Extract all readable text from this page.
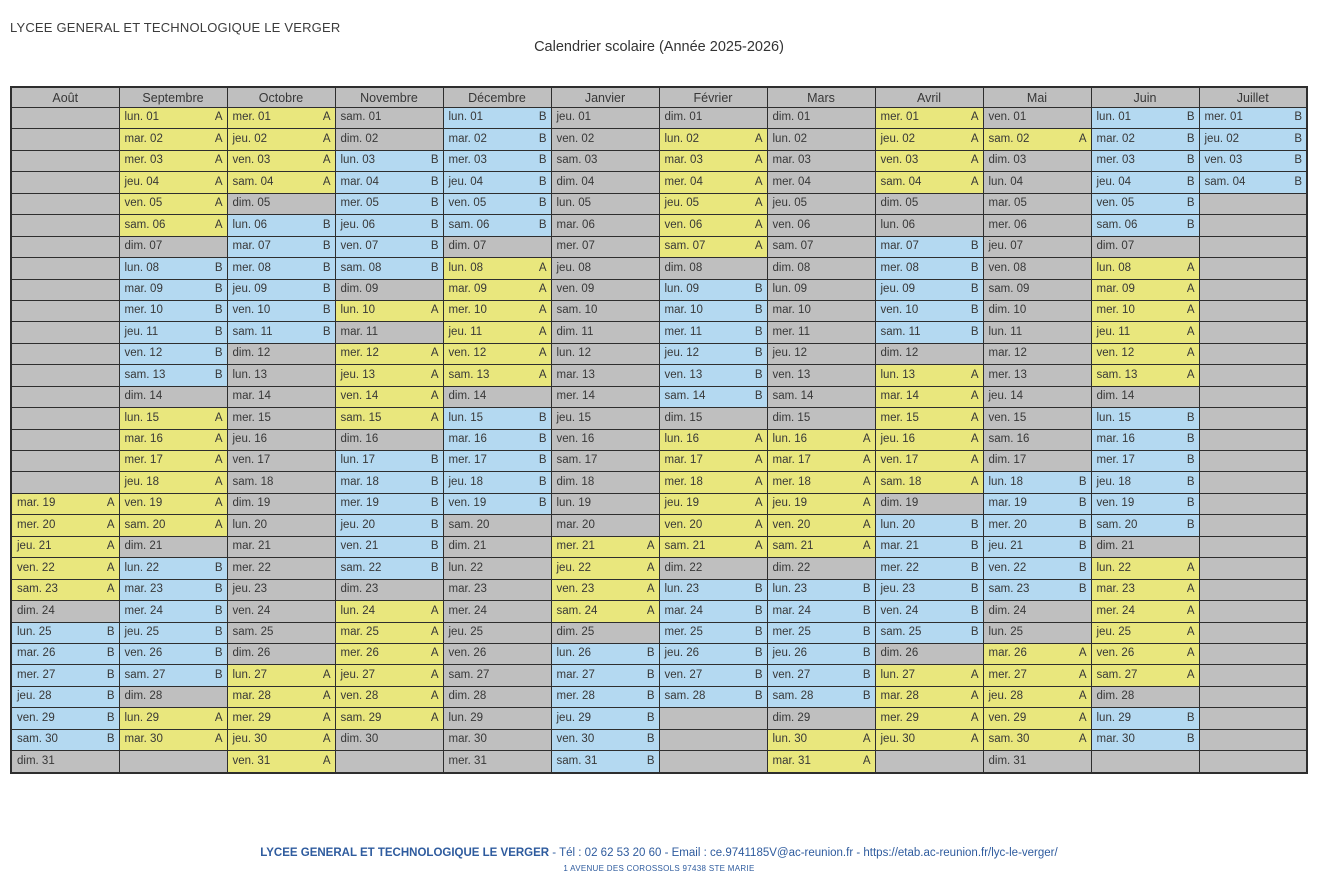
LYCEE GENERAL ET TECHNOLOGIQUE LE VERGER
Calendrier scolaire (Année 2025-2026)
Août	Septembre	Octobre	Novembre	Décembre	Janvier	Février	Mars	Avril	Mai	Juin	Juillet

	lun. 01 A	mer. 01 A	sam. 01	lun. 01 B	jeu. 01	dim. 01	dim. 01	mer. 01 A	ven. 01	lun. 01 B	mer. 01 B

	mar. 02 A	jeu. 02 A	dim. 02	mar. 02 B	ven. 02	lun. 02 A	lun. 02	jeu. 02 A	sam. 02 A	mar. 02 B	jeu. 02 B

	mer. 03 A	ven. 03 A	lun. 03 B	mer. 03 B	sam. 03	mar. 03 A	mar. 03	ven. 03 A	dim. 03	mer. 03 B	ven. 03 B

	jeu. 04 A	sam. 04 A	mar. 04 B	jeu. 04 B	dim. 04	mer. 04 A	mer. 04	sam. 04 A	lun. 04	jeu. 04 B	sam. 04 B

	ven. 05 A	dim. 05	mer. 05 B	ven. 05 B	lun. 05	jeu. 05 A	jeu. 05	dim. 05	mar. 05	ven. 05 B	

	sam. 06 A	lun. 06 B	jeu. 06 B	sam. 06 B	mar. 06	ven. 06 A	ven. 06	lun. 06	mer. 06	sam. 06 B	

	dim. 07	mar. 07 B	ven. 07 B	dim. 07	mer. 07	sam. 07 A	sam. 07	mar. 07 B	jeu. 07	dim. 07	

	lun. 08 B	mer. 08 B	sam. 08 B	lun. 08 A	jeu. 08	dim. 08	dim. 08	mer. 08 B	ven. 08	lun. 08 A	

	mar. 09 B	jeu. 09 B	dim. 09	mar. 09 A	ven. 09	lun. 09 B	lun. 09	jeu. 09 B	sam. 09	mar. 09 A	

	mer. 10 B	ven. 10 B	lun. 10 A	mer. 10 A	sam. 10	mar. 10 B	mar. 10	ven. 10 B	dim. 10	mer. 10 A	

	jeu. 11 B	sam. 11 B	mar. 11	jeu. 11 A	dim. 11	mer. 11 B	mer. 11	sam. 11 B	lun. 11	jeu. 11 A	

	ven. 12 B	dim. 12	mer. 12 A	ven. 12 A	lun. 12	jeu. 12 B	jeu. 12	dim. 12	mar. 12	ven. 12 A	

	sam. 13 B	lun. 13	jeu. 13 A	sam. 13 A	mar. 13	ven. 13 B	ven. 13	lun. 13 A	mer. 13	sam. 13 A	

	dim. 14	mar. 14	ven. 14 A	dim. 14	mer. 14	sam. 14 B	sam. 14	mar. 14 A	jeu. 14	dim. 14	

	lun. 15 A	mer. 15	sam. 15 A	lun. 15 B	jeu. 15	dim. 15	dim. 15	mer. 15 A	ven. 15	lun. 15 B	

	mar. 16 A	jeu. 16	dim. 16	mar. 16 B	ven. 16	lun. 16 A	lun. 16 A	jeu. 16 A	sam. 16	mar. 16 B	

	mer. 17 A	ven. 17	lun. 17 B	mer. 17 B	sam. 17	mar. 17 A	mar. 17 A	ven. 17 A	dim. 17	mer. 17 B	

	jeu. 18 A	sam. 18	mar. 18 B	jeu. 18 B	dim. 18	mer. 18 A	mer. 18 A	sam. 18 A	lun. 18 B	jeu. 18 B	

mar. 19 A	ven. 19 A	dim. 19	mer. 19 B	ven. 19 B	lun. 19	jeu. 19 A	jeu. 19 A	dim. 19	mar. 19 B	ven. 19 B	

mer. 20 A	sam. 20 A	lun. 20	jeu. 20 B	sam. 20	mar. 20	ven. 20 A	ven. 20 A	lun. 20 B	mer. 20 B	sam. 20 B	

jeu. 21 A	dim. 21	mar. 21	ven. 21 B	dim. 21	mer. 21 A	sam. 21 A	sam. 21 A	mar. 21 B	jeu. 21 B	dim. 21	

ven. 22 A	lun. 22 B	mer. 22	sam. 22 B	lun. 22	jeu. 22 A	dim. 22	dim. 22	mer. 22 B	ven. 22 B	lun. 22 A	

sam. 23 A	mar. 23 B	jeu. 23	dim. 23	mar. 23	ven. 23 A	lun. 23 B	lun. 23 B	jeu. 23 B	sam. 23 B	mar. 23 A	

dim. 24	mer. 24 B	ven. 24	lun. 24 A	mer. 24	sam. 24 A	mar. 24 B	mar. 24 B	ven. 24 B	dim. 24	mer. 24 A	

lun. 25 B	jeu. 25 B	sam. 25	mar. 25 A	jeu. 25	dim. 25	mer. 25 B	mer. 25 B	sam. 25 B	lun. 25	jeu. 25 A	

mar. 26 B	ven. 26 B	dim. 26	mer. 26 A	ven. 26	lun. 26 B	jeu. 26 B	jeu. 26 B	dim. 26	mar. 26 A	ven. 26 A	

mer. 27 B	sam. 27 B	lun. 27 A	jeu. 27 A	sam. 27	mar. 27 B	ven. 27 B	ven. 27 B	lun. 27 A	mer. 27 A	sam. 27 A	

jeu. 28 B	dim. 28	mar. 28 A	ven. 28 A	dim. 28	mer. 28 B	sam. 28 B	sam. 28 B	mar. 28 A	jeu. 28 A	dim. 28	

ven. 29 B	lun. 29 A	mer. 29 A	sam. 29 A	lun. 29	jeu. 29 B		dim. 29	mer. 29 A	ven. 29 A	lun. 29 B	

sam. 30 B	mar. 30 A	jeu. 30 A	dim. 30	mar. 30	ven. 30 B		lun. 30 A	jeu. 30 A	sam. 30 A	mar. 30 B	

dim. 31		ven. 31 A		mer. 31	sam. 31 B		mar. 31 A		dim. 31		

LYCEE GENERAL ET TECHNOLOGIQUE LE VERGER - Tél : 02 62 53 20 60 - Email : ce.9741185V@ac-reunion.fr - https://etab.ac-reunion.fr/lyc-le-verger/
1 AVENUE DES COROSSOLS 97438 STE MARIE
